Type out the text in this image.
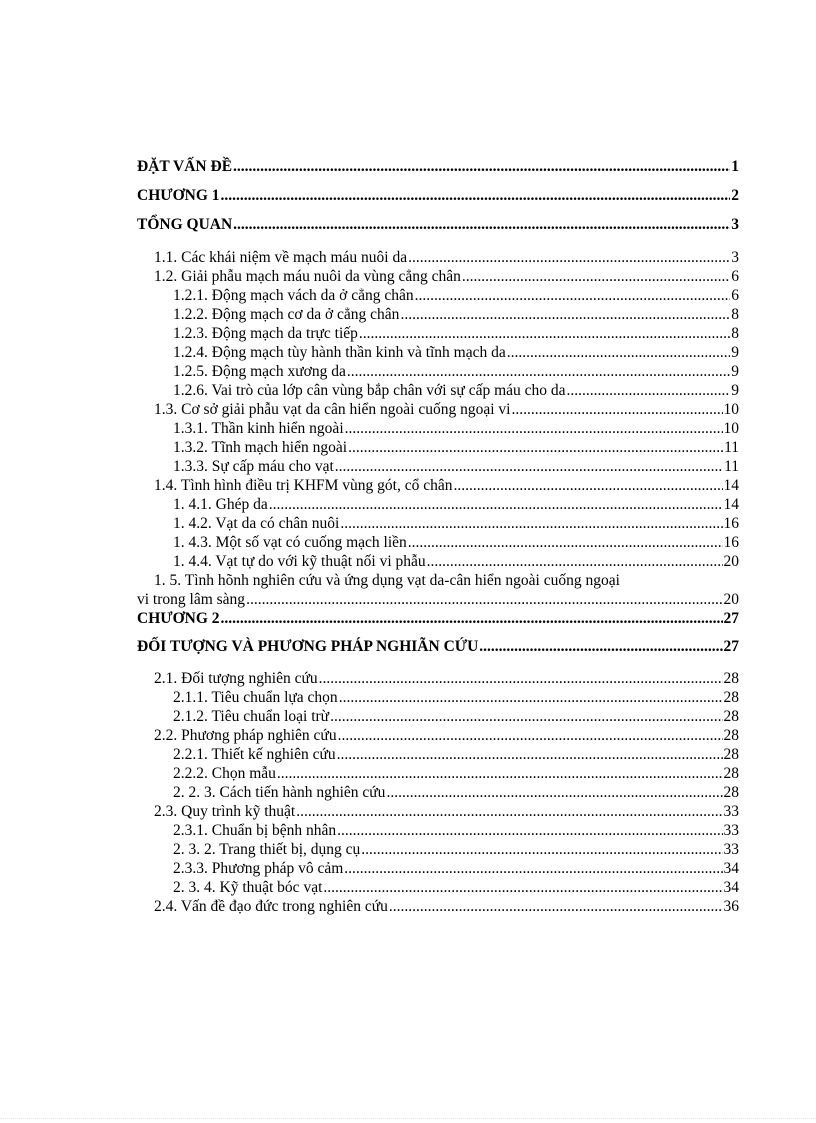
ĐẶT VẤN ĐỀ .....	1
CHƯƠNG 1 .....	2
TỔNG QUAN .....	3
1.1. Các khái niệm về mạch máu nuôi da .....	3
1.2. Giải phẫu mạch máu nuôi da vùng cẳng chân .....	6
1.2.1. Động mạch vách da ở cẳng chân .....	6
1.2.2. Động mạch cơ da ở cẳng chân .....	8
1.2.3. Động mạch da trực tiếp .....	8
1.2.4. Động mạch tùy hành thần kinh và tĩnh mạch da .....	9
1.2.5. Động mạch xương da .....	9
1.2.6. Vai trò của lớp cân vùng bắp chân với sự cấp máu cho da .....	9
1.3. Cơ sở giải phẫu vạt da cân hiển ngoài cuống ngoại vi .....	10
1.3.1. Thần kinh hiển ngoài .....	10
1.3.2. Tĩnh mạch hiển ngoài .....	11
1.3.3. Sự cấp máu cho vạt .....	11
1.4. Tình hình điều trị KHFM vùng gót, cổ chân .....	14
1. 4.1. Ghép da .....	14
1. 4.2. Vạt da có chân nuôi .....	16
1. 4.3. Một số vạt có cuống mạch liền .....	16
1. 4.4. Vạt tự do với kỹ thuật nối vi phẫu .....	20
1. 5. Tình hõnh nghiên cứu và ứng dụng vạt da-cân hiển ngoài cuống ngoại
vi trong lâm sàng .....	20
CHƯƠNG 2 .....	27
ĐỐI TƯỢNG VÀ PHƯƠNG PHÁP NGHIÃN CỨU .....	27
2.1. Đối tượng nghiên cứu .....	28
2.1.1. Tiêu chuẩn lựa chọn .....	28
2.1.2. Tiêu chuẩn loại trừ .....	28
2.2. Phương pháp nghiên cứu .....	28
2.2.1. Thiết kế nghiên cứu .....	28
2.2.2. Chọn mẫu .....	28
2. 2. 3. Cách tiến hành nghiên cứu .....	28
2.3. Quy trình kỹ thuật .....	33
2.3.1. Chuẩn bị bệnh nhân .....	33
2. 3. 2. Trang thiết bị, dụng cụ .....	33
2.3.3. Phương pháp vô cảm .....	34
2. 3. 4. Kỹ thuật bóc vạt .....	34
2.4. Vấn đề đạo đức trong nghiên cứu .....	36
